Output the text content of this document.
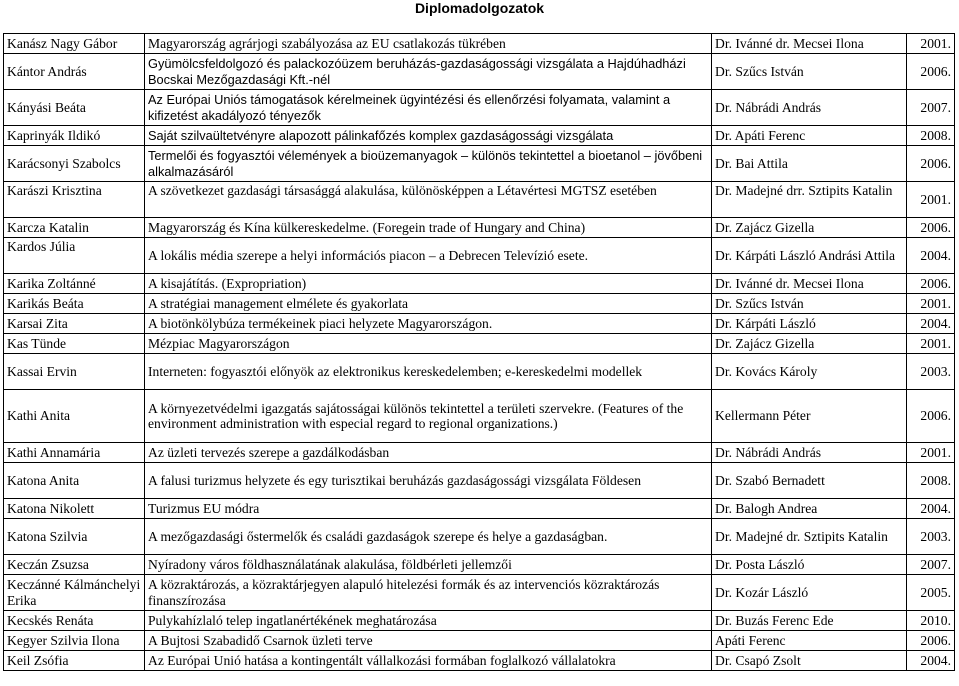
Diplomadolgozatok
Kanász Nagy Gábor	Magyarország agrárjogi szabályozása az EU csatlakozás tükrében	Dr. Ivánné dr. Mecsei Ilona	2001.
Kántor András	Gyümölcsfeldolgozó és palackozóüzem beruházás-gazdaságossági vizsgálata a Hajdúhadházi Bocskai Mezőgazdasági Kft.-nél	Dr. Szűcs István	2006.
Kányási Beáta	Az Európai Uniós támogatások kérelmeinek ügyintézési és ellenőrzési folyamata, valamint a kifizetést akadályozó tényezők	Dr. Nábrádi András	2007.
Kaprinyák Ildikó	Saját szilvaültetvényre alapozott pálinkafőzés komplex gazdaságossági vizsgálata	Dr. Apáti Ferenc	2008.
Karácsonyi Szabolcs	Termelői és fogyasztói vélemények a bioüzemanyagok – különös tekintettel a bioetanol – jövőbeni alkalmazásáról	Dr. Bai Attila	2006.
Karászi Krisztina	A szövetkezet gazdasági társasággá alakulása, különösképpen a Létavértesi MGTSZ esetében	Dr. Madejné drr. Sztipits Katalin	2001.
Karcza Katalin	Magyarország és Kína külkereskedelme. (Foregein trade of Hungary and China)	Dr. Zajácz Gizella	2006.
Kardos Júlia	A lokális média szerepe a helyi információs piacon – a Debrecen Televízió esete.	Dr. Kárpáti László Andrási Attila	2004.
Karika Zoltánné	A kisajátítás. (Expropriation)	Dr. Ivánné dr. Mecsei Ilona	2006.
Karikás Beáta	A stratégiai management elmélete és gyakorlata	Dr. Szűcs István	2001.
Karsai Zita	A biotönkölybúza termékeinek piaci helyzete Magyarországon.	Dr. Kárpáti László	2004.
Kas Tünde	Mézpiac Magyarországon	Dr. Zajácz Gizella	2001.
Kassai Ervin	Interneten: fogyasztói előnyök az elektronikus kereskedelemben; e-kereskedelmi modellek	Dr. Kovács Károly	2003.
Kathi Anita	A környezetvédelmi igazgatás sajátosságai különös tekintettel a területi szervekre. (Features of the environment administration with especial regard to regional organizations.)	Kellermann Péter	2006.
Kathi Annamária	Az üzleti tervezés szerepe a gazdálkodásban	Dr. Nábrádi András	2001.
Katona Anita	A falusi turizmus helyzete és egy turisztikai beruházás gazdaságossági vizsgálata Földesen	Dr. Szabó Bernadett	2008.
Katona Nikolett	Turizmus EU módra	Dr. Balogh Andrea	2004.
Katona Szilvia	A mezőgazdasági őstermelők és családi gazdaságok szerepe és helye a gazdaságban.	Dr. Madejné dr. Sztipits Katalin	2003.
Keczán Zsuzsa	Nyíradony város földhasználatának alakulása, földbérleti jellemzői	Dr. Posta László	2007.
Keczánné Kálmánchelyi Erika	A közraktározás, a közraktárjegyen alapuló hitelezési formák és az intervenciós közraktározás finanszírozása	Dr. Kozár László	2005.
Kecskés Renáta	Pulykahízlaló telep ingatlanértékének meghatározása	Dr. Buzás Ferenc Ede	2010.
Kegyer Szilvia Ilona	A Bujtosi Szabadidő Csarnok üzleti terve	Apáti Ferenc	2006.
Keil Zsófia	Az Európai Unió hatása a kontingentált vállalkozási formában foglalkozó vállalatokra	Dr. Csapó Zsolt	2004.
